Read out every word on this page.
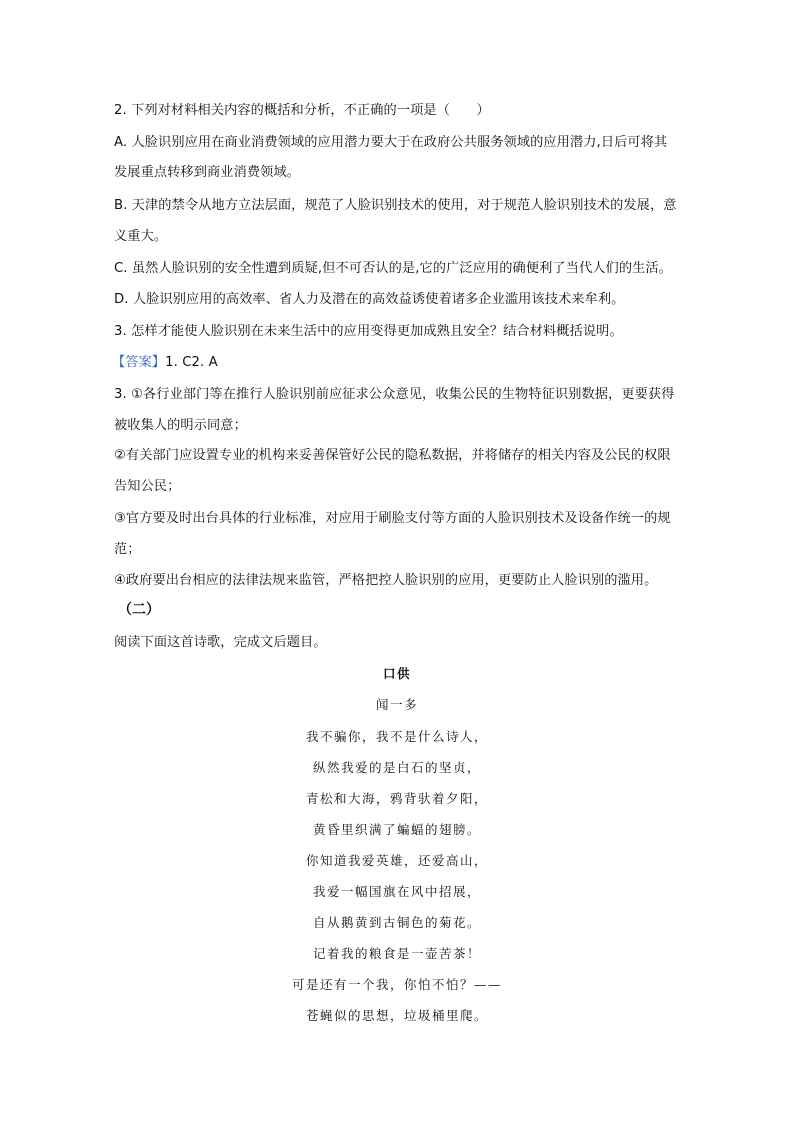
2. 下列对材料相关内容的概括和分析，不正确的一项是（　　）
A. 人脸识别应用在商业消费领域的应用潜力要大于在政府公共服务领域的应用潜力,日后可将其
发展重点转移到商业消费领域。
B. 天津的禁令从地方立法层面，规范了人脸识别技术的使用，对于规范人脸识别技术的发展，意
义重大。
C. 虽然人脸识别的安全性遭到质疑,但不可否认的是,它的广泛应用的确便利了当代人们的生活。
D. 人脸识别应用的高效率、省人力及潜在的高效益诱使着诸多企业滥用该技术来牟利。
3. 怎样才能使人脸识别在未来生活中的应用变得更加成熟且安全？结合材料概括说明。
【答案】1. C2. A
3. ①各行业部门等在推行人脸识别前应征求公众意见，收集公民的生物特征识别数据，更要获得
被收集人的明示同意；
②有关部门应设置专业的机构来妥善保管好公民的隐私数据，并将储存的相关内容及公民的权限
告知公民；
③官方要及时出台具体的行业标准，对应用于刷脸支付等方面的人脸识别技术及设备作统一的规
范；
④政府要出台相应的法律法规来监管，严格把控人脸识别的应用，更要防止人脸识别的滥用。
（二）
阅读下面这首诗歌，完成文后题目。
口供
闻一多
我不骗你，我不是什么诗人，
纵然我爱的是白石的坚贞，
青松和大海，鸦背驮着夕阳，
黄昏里织满了蝙蝠的翅膀。
你知道我爱英雄，还爱高山，
我爱一幅国旗在风中招展，
自从鹅黄到古铜色的菊花。
记着我的粮食是一壶苦茶！
可是还有一个我，你怕不怕？——
苍蝇似的思想，垃圾桶里爬。
